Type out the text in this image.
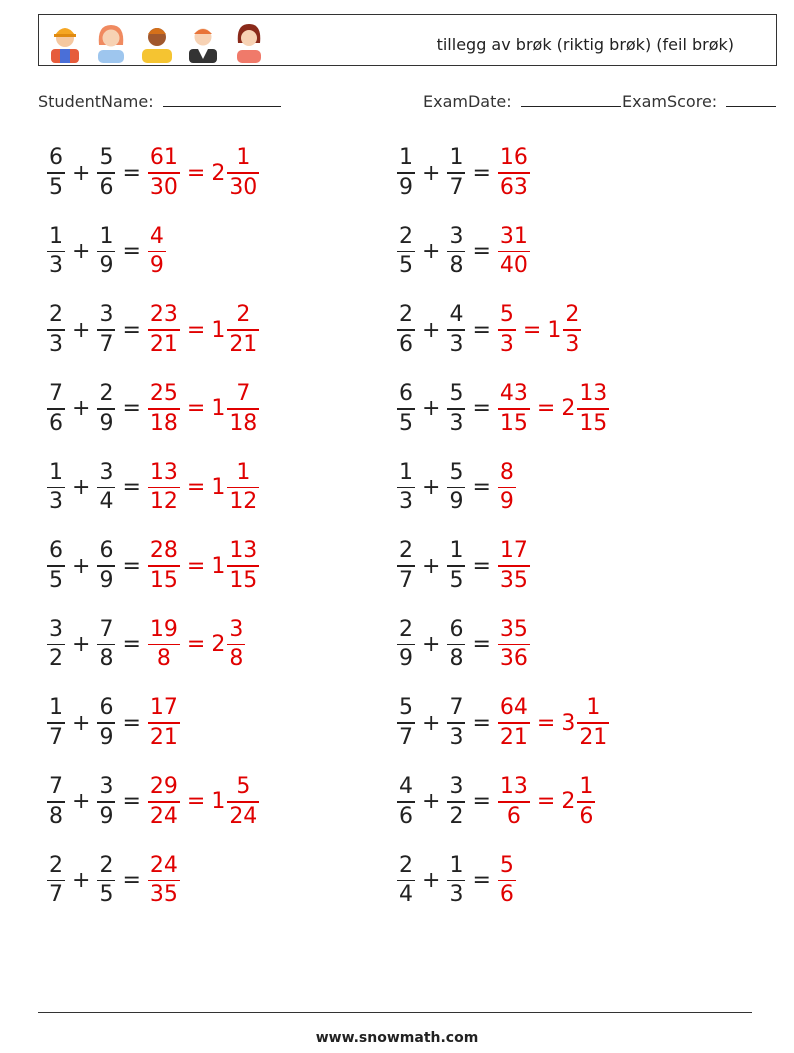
tillegg av brøk (riktig brøk) (feil brøk)
StudentName:	ExamDate:	ExamScore:
$\frac{6}{5} + \frac{5}{6} = \frac{61}{30} = 2 \frac{1}{30}$	$\frac{1}{9} + \frac{1}{7} = \frac{16}{63}$
$\frac{1}{3} + \frac{1}{9} = \frac{4}{9}$	$\frac{2}{5} + \frac{3}{8} = \frac{31}{40}$
$\frac{2}{3} + \frac{3}{7} = \frac{23}{21} = 1 \frac{2}{21}$	$\frac{2}{6} + \frac{4}{3} = \frac{5}{3} = 1 \frac{2}{3}$
$\frac{7}{6} + \frac{2}{9} = \frac{25}{18} = 1 \frac{7}{18}$	$\frac{6}{5} + \frac{5}{3} = \frac{43}{15} = 2 \frac{13}{15}$
$\frac{1}{3} + \frac{3}{4} = \frac{13}{12} = 1 \frac{1}{12}$	$\frac{1}{3} + \frac{5}{9} = \frac{8}{9}$
$\frac{6}{5} + \frac{6}{9} = \frac{28}{15} = 1 \frac{13}{15}$	$\frac{2}{7} + \frac{1}{5} = \frac{17}{35}$
$\frac{3}{2} + \frac{7}{8} = \frac{19}{8} = 2 \frac{3}{8}$	$\frac{2}{9} + \frac{6}{8} = \frac{35}{36}$
$\frac{1}{7} + \frac{6}{9} = \frac{17}{21}$	$\frac{5}{7} + \frac{7}{3} = \frac{64}{21} = 3 \frac{1}{21}$
$\frac{7}{8} + \frac{3}{9} = \frac{29}{24} = 1 \frac{5}{24}$	$\frac{4}{6} + \frac{3}{2} = \frac{13}{6} = 2 \frac{1}{6}$
$\frac{2}{7} + \frac{2}{5} = \frac{24}{35}$	$\frac{2}{4} + \frac{1}{3} = \frac{5}{6}$
www.snowmath.com
